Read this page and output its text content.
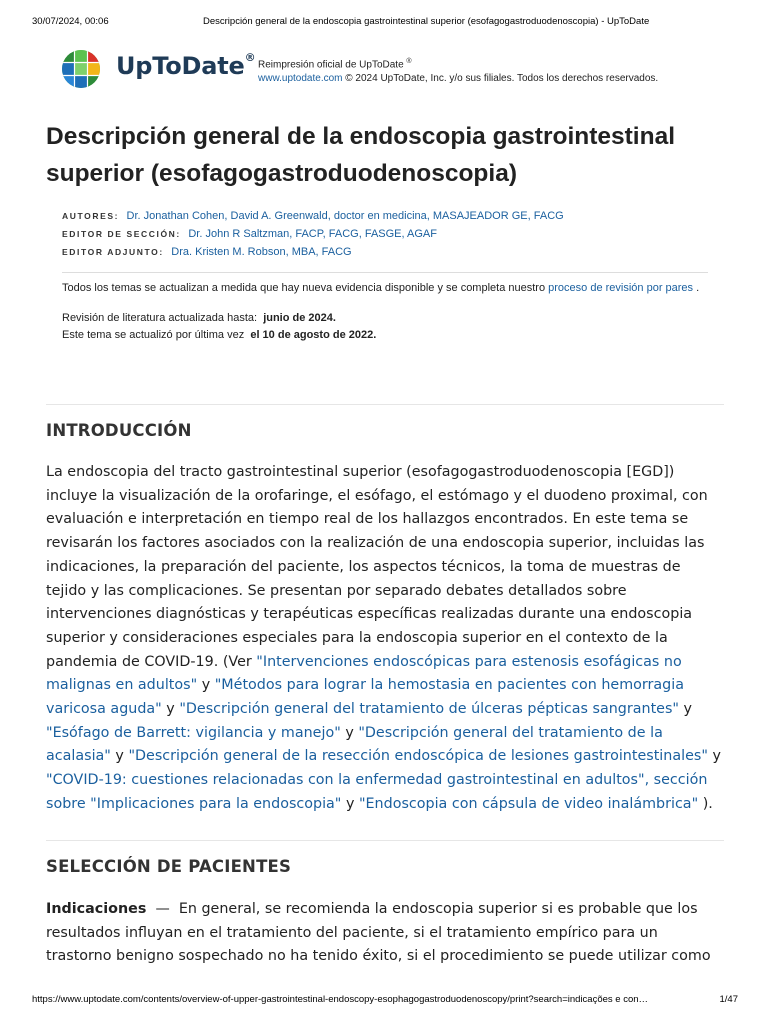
30/07/2024, 00:06	Descripción general de la endoscopia gastrointestinal superior (esofagogastroduodenoscopia) - UpToDate
UpToDate®
Reimpresión oficial de UpToDate ®
www.uptodate.com © 2024 UpToDate, Inc. y/o sus filiales. Todos los derechos reservados.
Descripción general de la endoscopia gastrointestinal superior (esofagogastroduodenoscopia)
AUTORES: Dr. Jonathan Cohen, David A. Greenwald, doctor en medicina, MASAJEADOR GE, FACG
EDITOR DE SECCIÓN: Dr. John R Saltzman, FACP, FACG, FASGE, AGAF
EDITOR ADJUNTO: Dra. Kristen M. Robson, MBA, FACG
Todos los temas se actualizan a medida que hay nueva evidencia disponible y se completa nuestro proceso de revisión por pares .
Revisión de literatura actualizada hasta: junio de 2024.
Este tema se actualizó por última vez el 10 de agosto de 2022.
INTRODUCCIÓN

La endoscopia del tracto gastrointestinal superior (esofagogastroduodenoscopia [EGD]) incluye la visualización de la orofaringe, el esófago, el estómago y el duodeno proximal, con evaluación e interpretación en tiempo real de los hallazgos encontrados. En este tema se revisarán los factores asociados con la realización de una endoscopia superior, incluidas las indicaciones, la preparación del paciente, los aspectos técnicos, la toma de muestras de tejido y las complicaciones. Se presentan por separado debates detallados sobre intervenciones diagnósticas y terapéuticas específicas realizadas durante una endoscopia superior y consideraciones especiales para la endoscopia superior en el contexto de la pandemia de COVID-19. (Ver "Intervenciones endoscópicas para estenosis esofágicas no malignas en adultos" y "Métodos para lograr la hemostasia en pacientes con hemorragia varicosa aguda" y "Descripción general del tratamiento de úlceras pépticas sangrantes" y "Esófago de Barrett: vigilancia y manejo" y "Descripción general del tratamiento de la acalasia" y "Descripción general de la resección endoscópica de lesiones gastrointestinales" y "COVID-19: cuestiones relacionadas con la enfermedad gastrointestinal en adultos", sección sobre "Implicaciones para la endoscopia" y "Endoscopia con cápsula de video inalámbrica" ).

SELECCIÓN DE PACIENTES

Indicaciones — En general, se recomienda la endoscopia superior si es probable que los resultados influyan en el tratamiento del paciente, si el tratamiento empírico para un trastorno benigno sospechado no ha tenido éxito, si el procedimiento se puede utilizar como

https://www.uptodate.com/contents/overview-of-upper-gastrointestinal-endoscopy-esophagogastroduodenoscopy/print?search=indicações e con…	1/47
